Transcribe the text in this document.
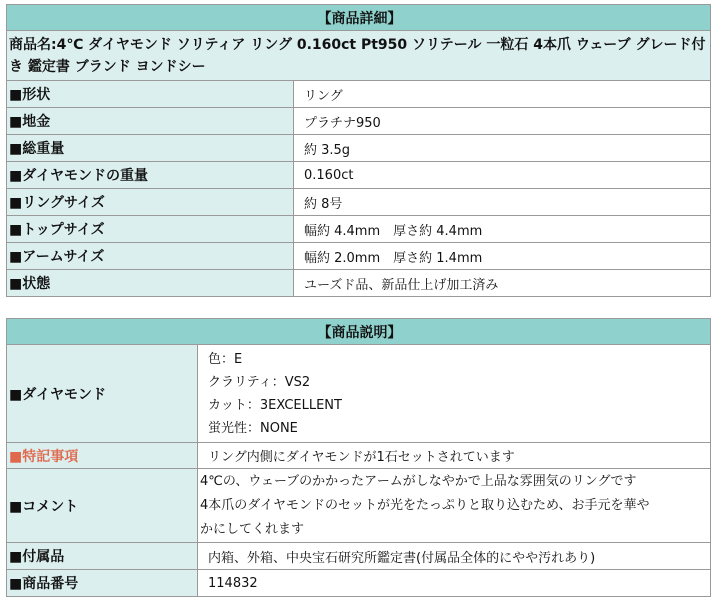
【商品詳細】	
商品名:4℃ ダイヤモンド ソリティア リング 0.160ct Pt950 ソリテール 一粒石 4本爪 ウェーブ グレード付き 鑑定書 ブランド ヨンドシー	
■形状	リング
■地金	プラチナ950
■総重量	約 3.5g
■ダイヤモンドの重量	0.160ct
■リングサイズ	約 8号
■トップサイズ	幅約 4.4mm　厚さ約 4.4mm
■アームサイズ	幅約 2.0mm　厚さ約 1.4mm
■状態	ユーズド品、新品仕上げ加工済み
【商品説明】	
■ダイヤモンド	色：E
クラリティ：VS2
カット：3EXCELLENT
蛍光性：NONE

■特記事項	リング内側にダイヤモンドが1石セットされています
■コメント	4℃の、ウェーブのかかったアームがしなやかで上品な雰囲気のリングです
4本爪のダイヤモンドのセットが光をたっぷりと取り込むため、お手元を華や
かにしてくれます

■付属品	内箱、外箱、中央宝石研究所鑑定書(付属品全体的にやや汚れあり)
■商品番号	114832
